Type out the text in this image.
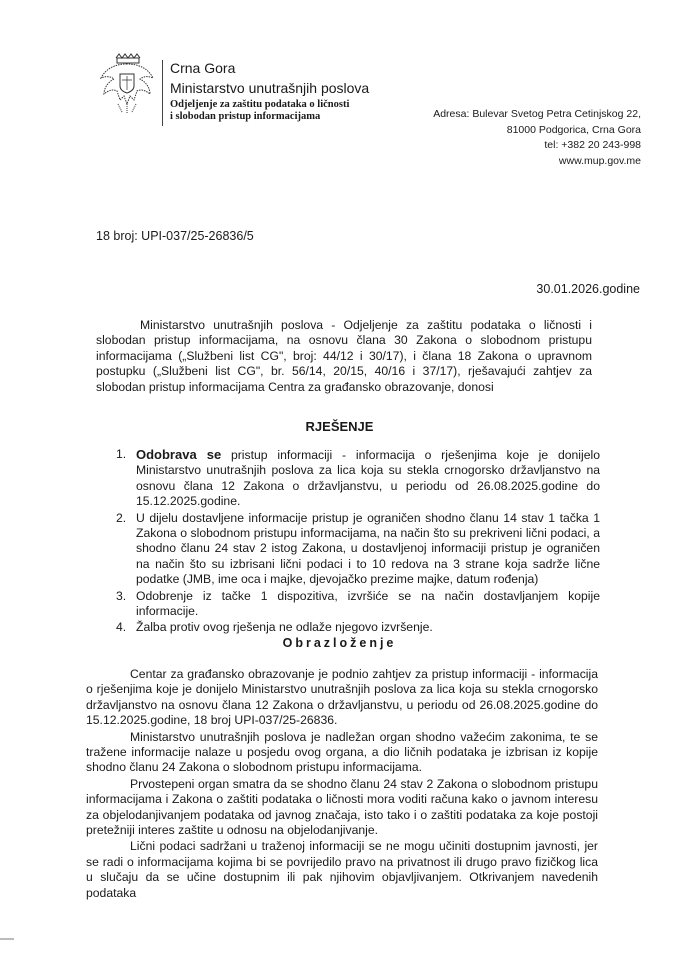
Crna Gora
Ministarstvo unutrašnjih poslova
Odjeljenje za zaštitu podataka o ličnosti
i slobodan pristup informacijama	Adresa: Bulevar Svetog Petra Cetinjskog 22,
81000 Podgorica, Crna Gora
tel: +382 20 243-998
www.mup.gov.me
18 broj: UPI-037/25-26836/5
30.01.2026.godine

Ministarstvo unutrašnjih poslova - Odjeljenje za zaštitu podataka o ličnosti i slobodan pristup informacijama, na osnovu člana 30 Zakona o slobodnom pristupu informacijama („Službeni list CG", broj: 44/12 i 30/17), i člana 18 Zakona o upravnom postupku („Službeni list CG", br. 56/14, 20/15, 40/16 i 37/17), rješavajući zahtjev za slobodan pristup informacijama Centra za građansko obrazovanje, donosi

RJEŠENJE
1. Odobrava se pristup informaciji - informacija o rješenjima koje je donijelo Ministarstvo unutrašnjih poslova za lica koja su stekla crnogorsko državljanstvo na osnovu člana 12 Zakona o državljanstvu, u periodu od 26.08.2025.godine do 15.12.2025.godine.
2. U dijelu dostavljene informacije pristup je ograničen shodno članu 14 stav 1 tačka 1 Zakona o slobodnom pristupu informacijama, na način što su prekriveni lični podaci, a shodno članu 24 stav 2 istog Zakona, u dostavljenoj informaciji pristup je ograničen na način što su izbrisani lični podaci i to 10 redova na 3 strane koja sadrže lične podatke (JMB, ime oca i majke, djevojačko prezime majke, datum rođenja)
3. Odobrenje iz tačke 1 dispozitiva, izvršiće se na način dostavljanjem kopije informacije.
4. Žalba protiv ovog rješenja ne odlaže njegovo izvršenje.
Obrazloženje

Centar za građansko obrazovanje je podnio zahtjev za pristup informaciji - informacija o rješenjima koje je donijelo Ministarstvo unutrašnjih poslova za lica koja su stekla crnogorsko državljanstvo na osnovu člana 12 Zakona o državljanstvu, u periodu od 26.08.2025.godine do 15.12.2025.godine, 18 broj UPI-037/25-26836.

Ministarstvo unutrašnjih poslova je nadležan organ shodno važećim zakonima, te se tražene informacije nalaze u posjedu ovog organa, a dio ličnih podataka je izbrisan iz kopije shodno članu 24 Zakona o slobodnom pristupu informacijama.

Prvostepeni organ smatra da se shodno članu 24 stav 2 Zakona o slobodnom pristupu informacijama i Zakona o zaštiti podataka o ličnosti mora voditi računa kako o javnom interesu za objelodanjivanjem podataka od javnog značaja, isto tako i o zaštiti podataka za koje postoji pretežniji interes zaštite u odnosu na objelodanjivanje.

Lični podaci sadržani u traženoj informaciji se ne mogu učiniti dostupnim javnosti, jer se radi o informacijama kojima bi se povrijedilo pravo na privatnost ili drugo pravo fizičkog lica u slučaju da se učine dostupnim ili pak njihovim objavljivanjem. Otkrivanjem navedenih podataka
